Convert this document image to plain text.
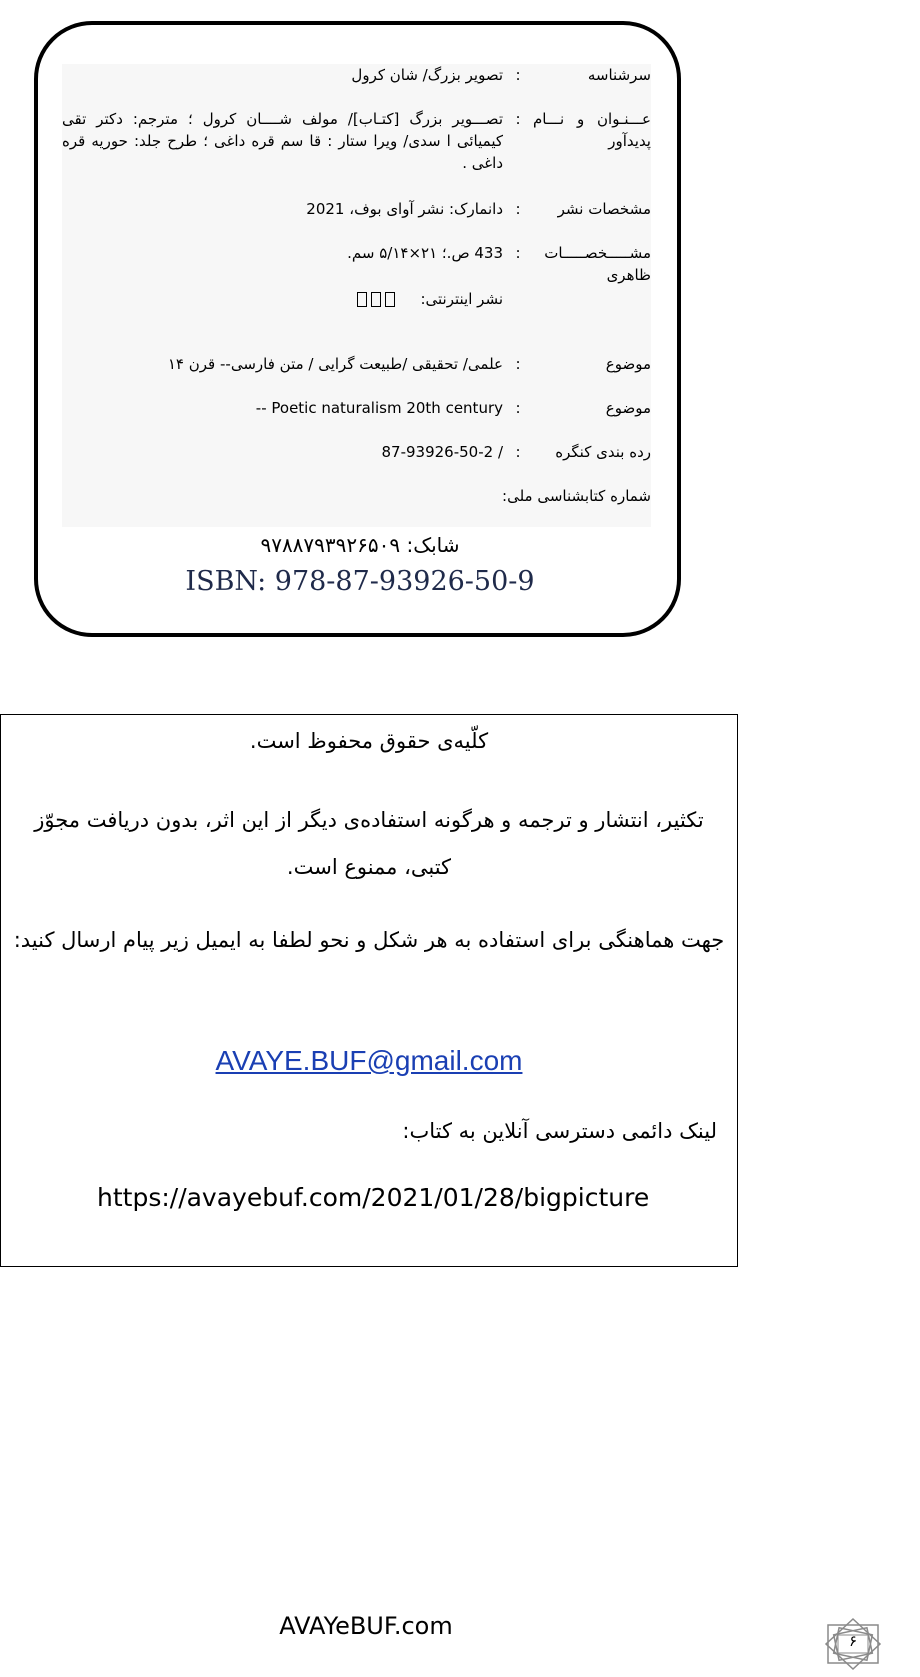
سرشناسه
:
تصویر بزرگ/ شان کرول
عـــنـوان و نـــام پدیدآور
:
تصـــویر بزرگ [کتـاب]/ مولف شــــان کرول ؛ مترجم: دکتر تقی کیمیائی ا سدی/ ویرا ستار : قا سم قره داغی ؛ طرح جلد: حوریه قره داغی .
مشخصات نشر
:
دانمارک: نشر آوای بوف، 2021
مشـــــخصـــــات ظاهری
:
433 ص.؛ ۲۱×۵/۱۴ سم.
نشر اینترنتی:
موضوع
:
علمی/ تحقیقی /طبیعت گرایی / متن فارسی-- قرن ۱۴
موضوع
:
Poetic naturalism 20th century --
رده بندی کنگره
:
/ 87-93926-50-2
شماره کتابشناسی ملی:
شابک: ۹۷۸۸۷۹۳۹۲۶۵۰۹
ISBN: 978-87-93926-50-9

کلّیه‌ی حقوق محفوظ است.

تکثیر، انتشار و ترجمه و هرگونه استفاده‌ی دیگر از این اثر، بدون دریافت مجوّز کتبی، ممنوع است.

جهت هماهنگی برای استفاده به هر شکل و نحو لطفا به ایمیل زیر پیام ارسال کنید:

AVAYE.BUF@gmail.com

لینک دائمی دسترسی آنلاین به کتاب:

https://avayebuf.com/2021/01/28/bigpicture
AVAYeBUF.com
۶
